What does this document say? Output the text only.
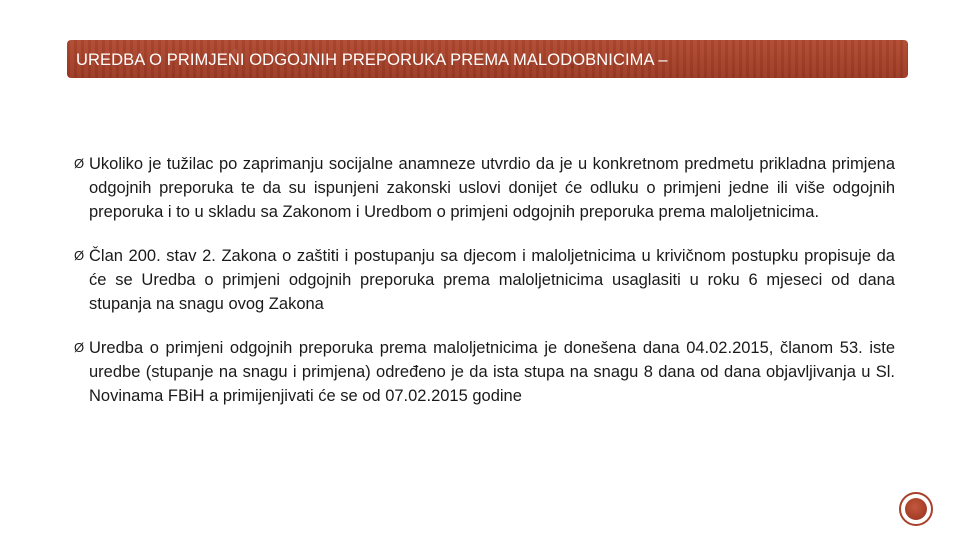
UREDBA O PRIMJENI ODGOJNIH PREPORUKA PREMA MALODOBNICIMA –
Ø Ukoliko je tužilac po zaprimanju socijalne anamneze utvrdio da je u konkretnom predmetu prikladna primjena odgojnih preporuka te da su ispunjeni zakonski uslovi donijet će odluku o primjeni jedne ili više odgojnih preporuka i to u skladu sa Zakonom i Uredbom o primjeni odgojnih preporuka prema maloljetnicima.
Ø Član 200. stav 2. Zakona o zaštiti i postupanju sa djecom i maloljetnicima u krivičnom postupku propisuje da će se Uredba o primjeni odgojnih preporuka prema maloljetnicima usaglasiti u roku 6 mjeseci od dana stupanja na snagu ovog Zakona
Ø Uredba o primjeni odgojnih preporuka prema maloljetnicima je donešena dana 04.02.2015, članom 53. iste uredbe (stupanje na snagu i primjena) određeno je da ista stupa na snagu 8 dana od dana objavljivanja u Sl. Novinama FBiH a primijenjivati će se od 07.02.2015 godine
